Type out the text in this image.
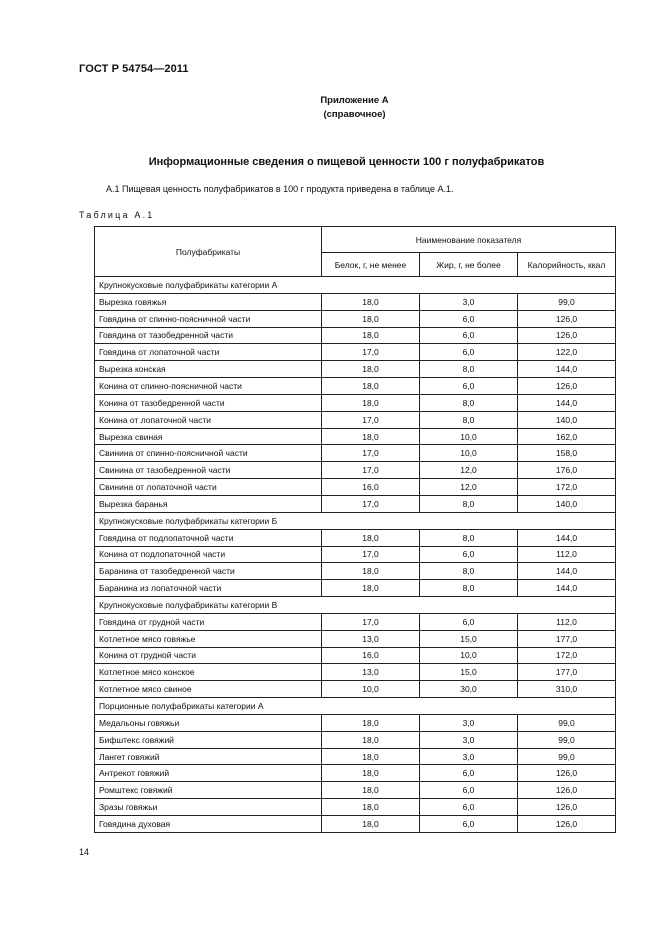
ГОСТ Р 54754—2011
Приложение А
(справочное)
Информационные сведения о пищевой ценности 100 г полуфабрикатов
А.1 Пищевая ценность полуфабрикатов в 100 г продукта приведена в таблице А.1.
Таблица А.1
Полуфабрикаты	Наименование показателя		
	Белок, г, не менее	Жир, г, не более	Калорийность, ккал
Крупнокусковые полуфабрикаты категории А			
Вырезка говяжья	18,0	3,0	99,0
Говядина от спинно-поясничной части	18,0	6,0	126,0
Говядина от тазобедренной части	18,0	6,0	126,0
Говядина от лопаточной части	17,0	6,0	122,0
Вырезка конская	18,0	8,0	144,0
Конина от спинно-поясничной части	18,0	6,0	126,0
Конина от тазобедренной части	18,0	8,0	144,0
Конина от лопаточной части	17,0	8,0	140,0
Вырезка свиная	18,0	10,0	162,0
Свинина от спинно-поясничной части	17,0	10,0	158,0
Свинина от тазобедренной части	17,0	12,0	176,0
Свинина от лопаточной части	16,0	12,0	172,0
Вырезка баранья	17,0	8,0	140,0
Крупнокусковые полуфабрикаты категории Б			
Говядина от подлопаточной части	18,0	8,0	144,0
Конина от подлопаточной части	17,0	6,0	112,0
Баранина от тазобедренной части	18,0	8,0	144,0
Баранина из лопаточной части	18,0	8,0	144,0
Крупнокусковые полуфабрикаты категории В			
Говядина от грудной части	17,0	6,0	112,0
Котлетное мясо говяжье	13,0	15,0	177,0
Конина от грудной части	16,0	10,0	172,0
Котлетное мясо конское	13,0	15,0	177,0
Котлетное мясо свиное	10,0	30,0	310,0
Порционные полуфабрикаты категории А			
Медальоны говяжьи	18,0	3,0	99,0
Бифштекс говяжий	18,0	3,0	99,0
Лангет говяжий	18,0	3,0	99,0
Антрекот говяжий	18,0	6,0	126,0
Ромштекс говяжий	18,0	6,0	126,0
Зразы говяжьи	18,0	6,0	126,0
Говядина духовая	18,0	6,0	126,0
14
